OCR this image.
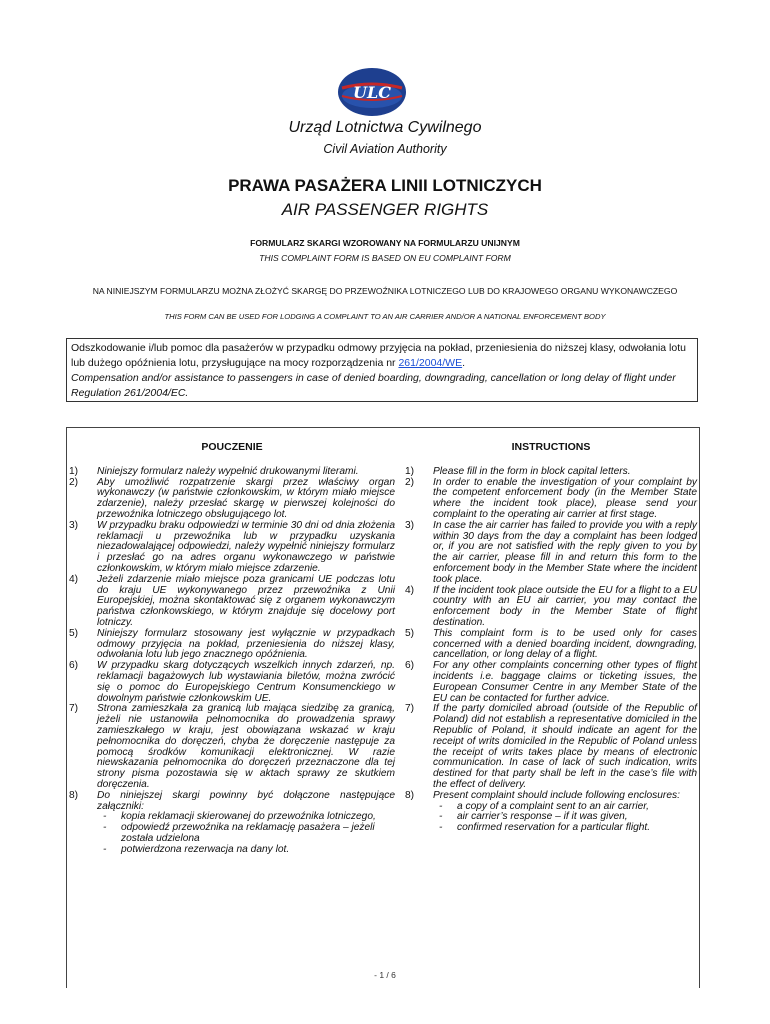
ULC
Urząd Lotnictwa Cywilnego
Civil Aviation Authority
PRAWA PASAŻERA LINII LOTNICZYCH
AIR PASSENGER RIGHTS
FORMULARZ SKARGI WZOROWANY NA FORMULARZU UNIJNYM
THIS COMPLAINT FORM IS BASED ON EU COMPLAINT FORM
NA NINIEJSZYM FORMULARZU MOŻNA ZŁOŻYĆ SKARGĘ DO PRZEWOŹNIKA LOTNICZEGO LUB DO KRAJOWEGO ORGANU WYKONAWCZEGO
THIS FORM CAN BE USED FOR LODGING A COMPLAINT TO AN AIR CARRIER AND/OR A NATIONAL ENFORCEMENT BODY
Odszkodowanie i/lub pomoc dla pasażerów w przypadku odmowy przyjęcia na pokład, przeniesienia do niższej klasy, odwołania lotu lub dużego opóźnienia lotu, przysługujące na mocy rozporządzenia nr 261/2004/WE.
Compensation and/or assistance to passengers in case of denied boarding, downgrading, cancellation or long delay of flight under Regulation 261/2004/EC.
POUCZENIE
1) Niniejszy formularz należy wypełnić drukowanymi literami.
2) Aby umożliwić rozpatrzenie skargi przez właściwy organ wykonawczy (w państwie członkowskim, w którym miało miejsce zdarzenie), należy przesłać skargę w pierwszej kolejności do przewoźnika lotniczego obsługującego lot.
3) W przypadku braku odpowiedzi w terminie 30 dni od dnia złożenia reklamacji u przewoźnika lub w przypadku uzyskania niezadowalającej odpowiedzi, należy wypełnić niniejszy formularz i przesłać go na adres organu wykonawczego w państwie członkowskim, w którym miało miejsce zdarzenie.
4) Jeżeli zdarzenie miało miejsce poza granicami UE podczas lotu do kraju UE wykonywanego przez przewoźnika z Unii Europejskiej, można skontaktować się z organem wykonawczym państwa członkowskiego, w którym znajduje się docelowy port lotniczy.
5) Niniejszy formularz stosowany jest wyłącznie w przypadkach odmowy przyjęcia na pokład, przeniesienia do niższej klasy, odwołania lotu lub jego znacznego opóźnienia.
6) W przypadku skarg dotyczących wszelkich innych zdarzeń, np. reklamacji bagażowych lub wystawiania biletów, można zwrócić się o pomoc do Europejskiego Centrum Konsumenckiego w dowolnym państwie członkowskim UE.
7) Strona zamieszkała za granicą lub mająca siedzibę za granicą, jeżeli nie ustanowiła pełnomocnika do prowadzenia sprawy zamieszkałego w kraju, jest obowiązana wskazać w kraju pełnomocnika do doręczeń, chyba że doręczenie następuje za pomocą środków komunikacji elektronicznej. W razie niewskazania pełnomocnika do doręczeń przeznaczone dla tej strony pisma pozostawia się w aktach sprawy ze skutkiem doręczenia.
8) Do niniejszej skargi powinny być dołączone następujące załączniki:
- kopia reklamacji skierowanej do przewoźnika lotniczego,
- odpowiedź przewoźnika na reklamację pasażera – jeżeli została udzielona
- potwierdzona rezerwacja na dany lot.
INSTRUCTIONS
1) Please fill in the form in block capital letters.
2) In order to enable the investigation of your complaint by the competent enforcement body (in the Member State where the incident took place), please send your complaint to the operating air carrier at first stage.
3) In case the air carrier has failed to provide you with a reply within 30 days from the day a complaint has been lodged or, if you are not satisfied with the reply given to you by the air carrier, please fill in and return this form to the enforcement body in the Member State where the incident took place.
4) If the incident took place outside the EU for a flight to a EU country with an EU air carrier, you may contact the enforcement body in the Member State of flight destination.
5) This complaint form is to be used only for cases concerned with a denied boarding incident, downgrading, cancellation, or long delay of a flight.
6) For any other complaints concerning other types of flight incidents i.e. baggage claims or ticketing issues, the European Consumer Centre in any Member State of the EU can be contacted for further advice.
7) If the party domiciled abroad (outside of the Republic of Poland) did not establish a representative domiciled in the Republic of Poland, it should indicate an agent for the receipt of writs domiciled in the Republic of Poland unless the receipt of writs takes place by means of electronic communication. In case of lack of such indication, writs destined for that party shall be left in the case’s file with the effect of delivery.
8) Present complaint should include following enclosures:
- a copy of a complaint sent to an air carrier,
- air carrier’s response – if it was given,
- confirmed reservation for a particular flight.
- 1 / 6
